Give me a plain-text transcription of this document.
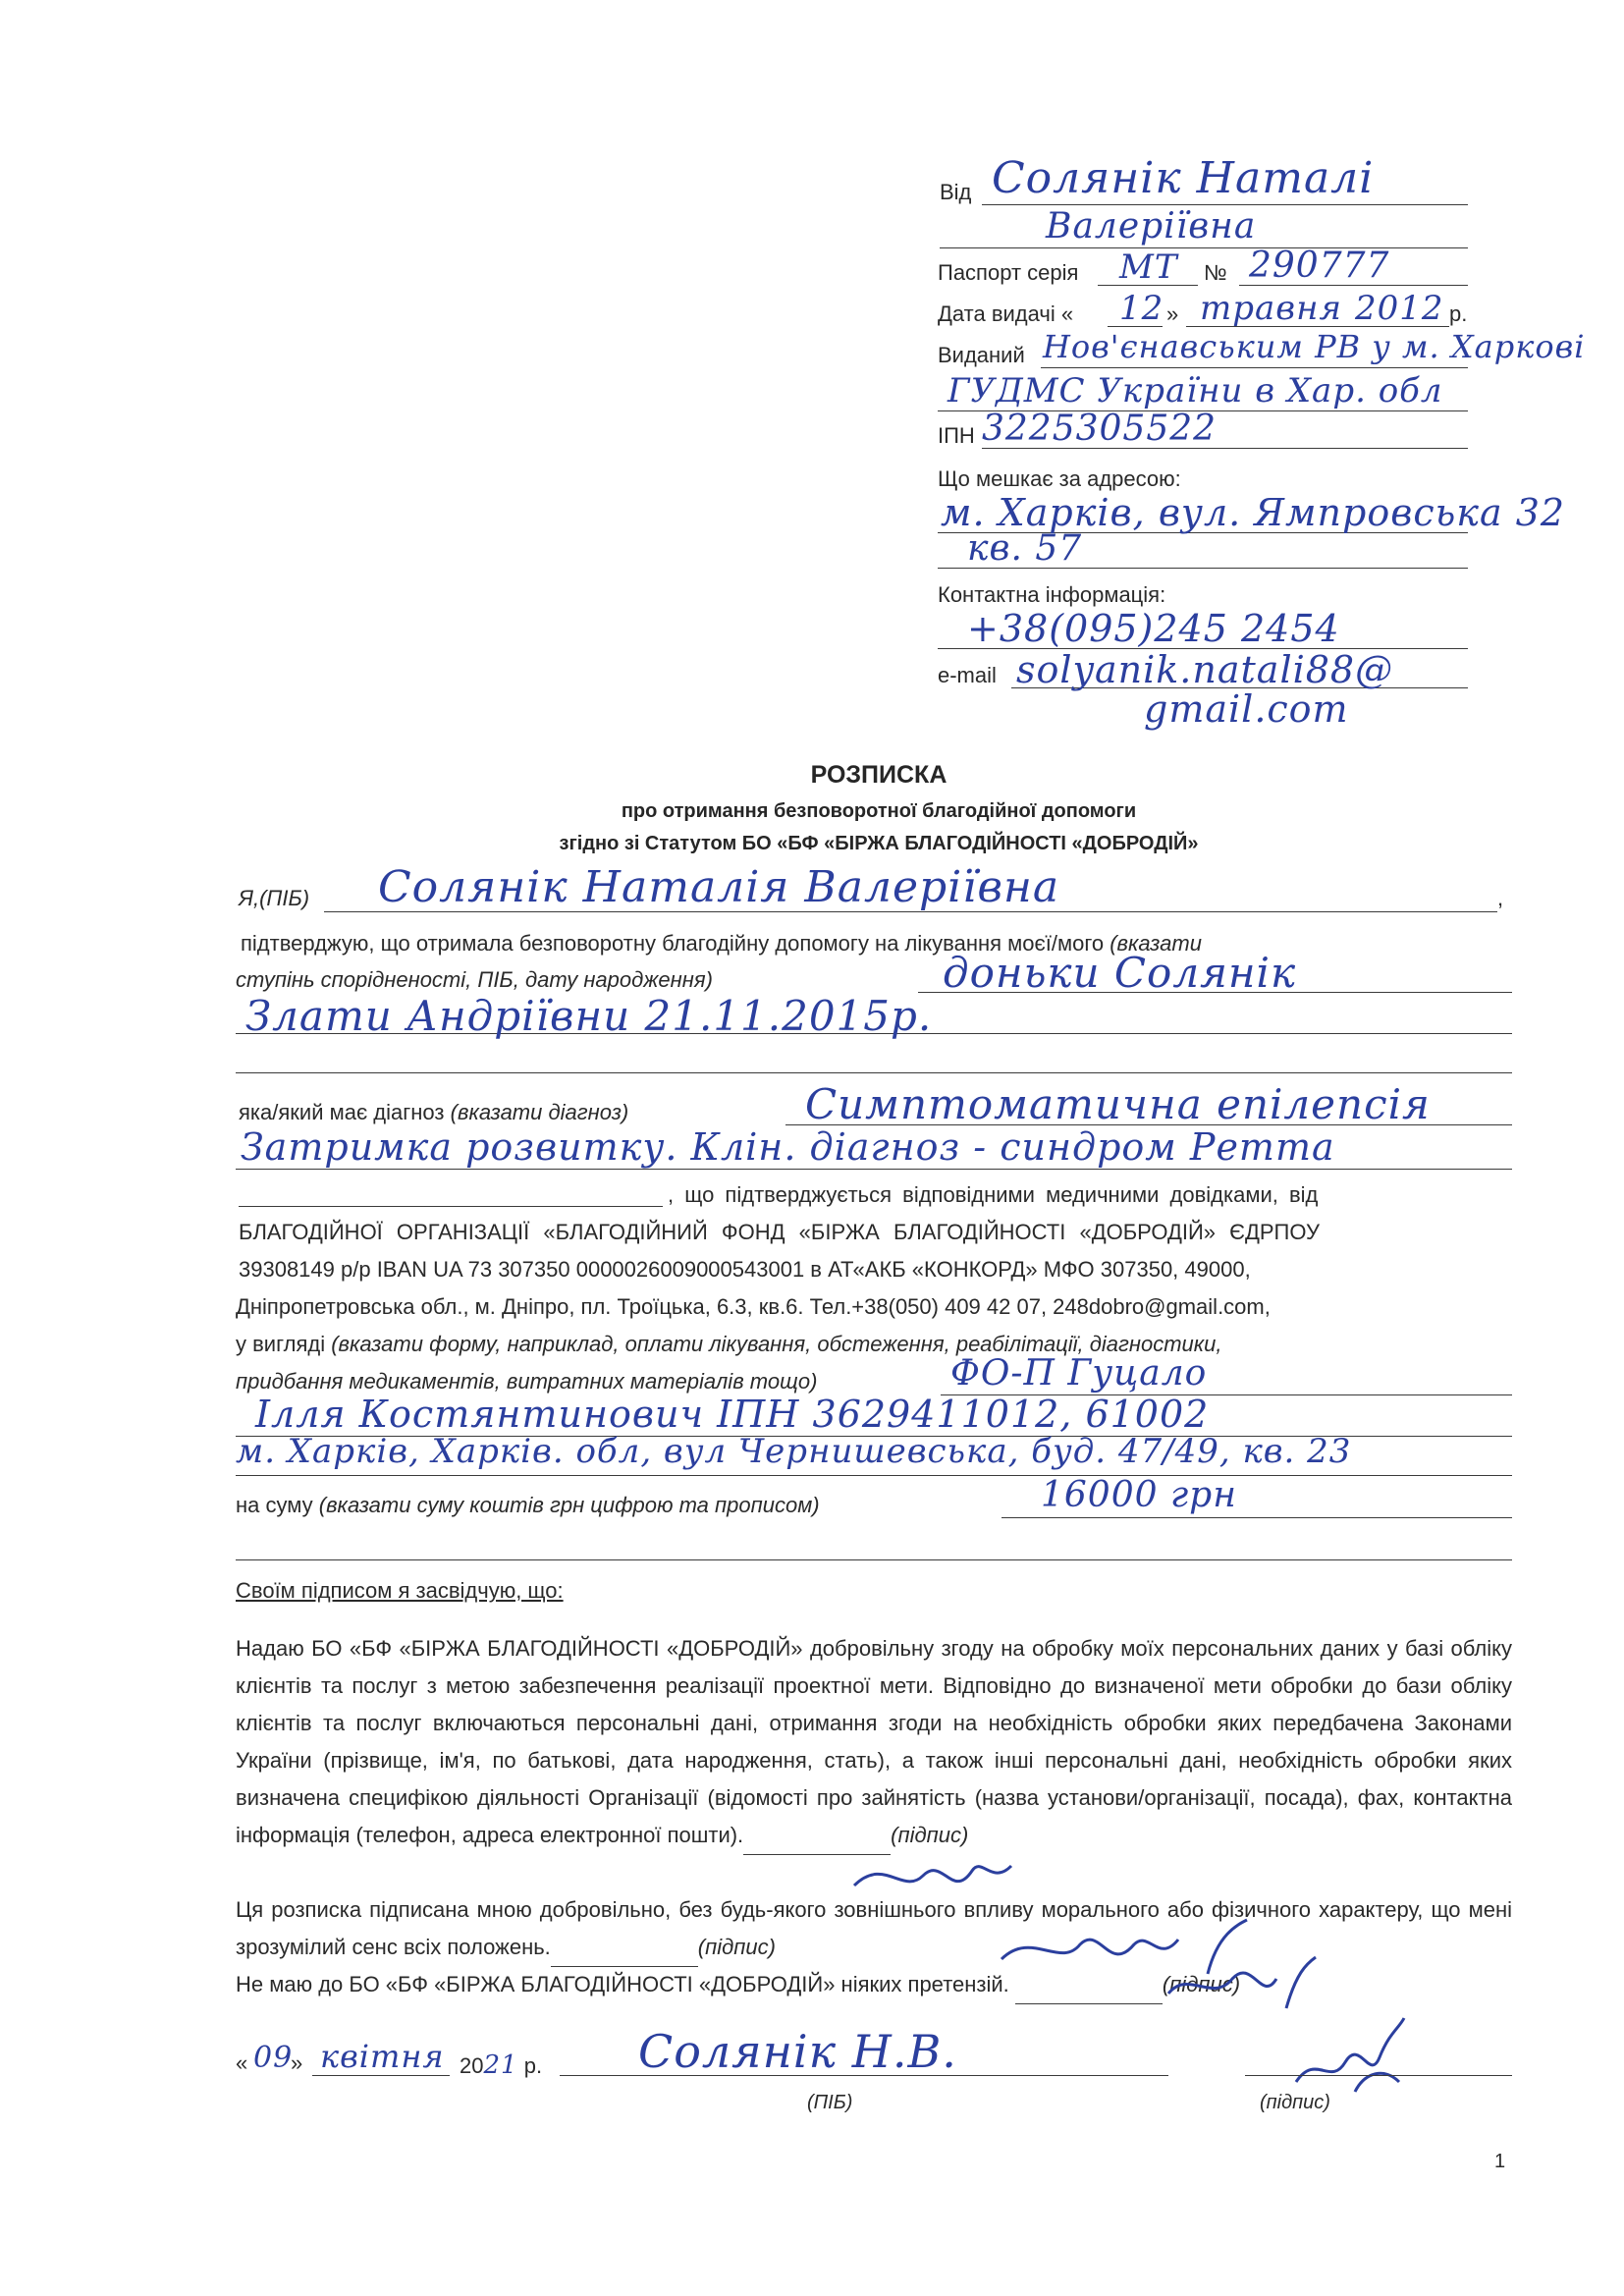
Від Солянік Наталі
Валеріївна
Паспорт серія МТ № 290777
Дата видачі « 12 » травня 2012 р.
Виданий Нов'єнавським РВ у м. Харкові
ГУДМС України в Хар. обл
ІПН 3225305522
Що мешкає за адресою:
м. Харків, вул. Ямпровська 32
кв. 57
Контактна інформація:
+38(095)245 2454
e-mail solyanik.natali88@
gmail.com
РОЗПИСКА
про отримання безповоротної благодійної допомоги
згідно зі Статутом БО «БФ «БІРЖА БЛАГОДІЙНОСТІ «ДОБРОДІЙ»
Я,(ПІБ) Солянік Наталія Валеріївна	,
підтверджую, що отримала безповоротну благодійну допомогу на лікування моєї/мого (вказати
ступінь спорідненості, ПІБ, дату народження)	доньки Солянік
Злати Андріївни 21.11.2015р.
яка/який має діагноз (вказати діагноз)	Симптоматична епілепсія
Затримка розвитку. Клін. діагноз - синдром Ретта
, що підтверджується відповідними медичними довідками, від
БЛАГОДІЙНОЇ ОРГАНІЗАЦІЇ «БЛАГОДІЙНИЙ ФОНД «БІРЖА БЛАГОДІЙНОСТІ «ДОБРОДІЙ» ЄДРПОУ
39308149 р/р IBAN UA 73 307350 0000026009000543001 в АТ«АКБ «КОНКОРД» МФО 307350, 49000,
Дніпропетровська обл., м. Дніпро, пл. Троїцька, 6.3, кв.6. Тел.+38(050) 409 42 07, 248dobro@gmail.com,
у вигляді (вказати форму, наприклад, оплати лікування, обстеження, реабілітації, діагностики,
придбання медикаментів, витратних матеріалів тощо)	ФО-П Гуцало
Ілля Костянтинович ІПН 3629411012, 61002
м. Харків, Харків. обл, вул Чернишевська, буд. 47/49, кв. 23
на суму (вказати суму коштів грн цифрою та прописом)	16000 грн
Своїм підписом я засвідчую, що:
Надаю БО «БФ «БІРЖА БЛАГОДІЙНОСТІ «ДОБРОДІЙ» добровільну згоду на обробку моїх персональних даних у базі обліку клієнтів та послуг з метою забезпечення реалізації проектної мети. Відповідно до визначеної мети обробки до бази обліку клієнтів та послуг включаються персональні дані, отримання згоди на необхідність обробки яких передбачена Законами України (прізвище, ім'я, по батькові, дата народження, стать), а також інші персональні дані, необхідність обробки яких визначена специфікою діяльності Організації (відомості про зайнятість (назва установи/організації, посада), фах, контактна інформація (телефон, адреса електронної пошти).	(підпис)
Ця розписка підписана мною добровільно, без будь-якого зовнішнього впливу морального або фізичного характеру, що мені зрозумілий сенс всіх положень.	(підпис)
Не маю до БО «БФ «БІРЖА БЛАГОДІЙНОСТІ «ДОБРОДІЙ» ніяких претензій.	(підпис)
« 09
» квітня 2021 р. Солянік Н.В.
(ПІБ)	(підпис)
1
